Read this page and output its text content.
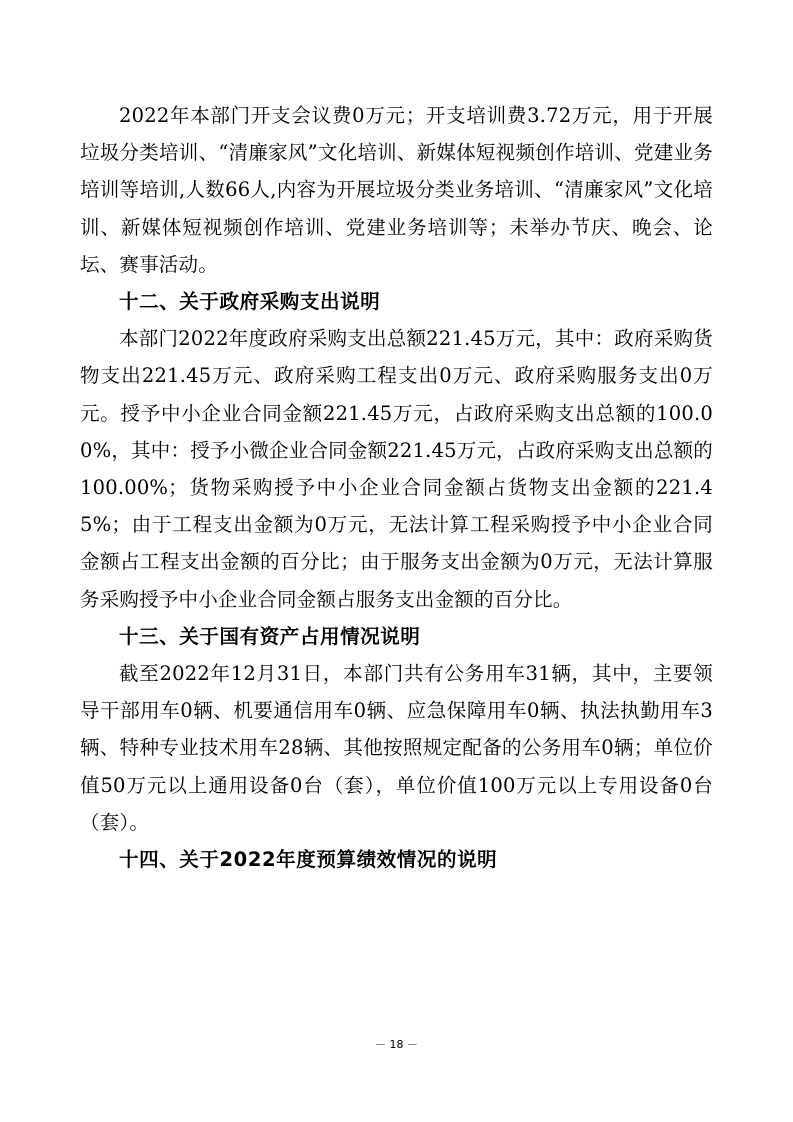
2022年本部门开支会议费0万元；开支培训费3.72万元，用于开展垃圾分类培训、“清廉家风”文化培训、新媒体短视频创作培训、党建业务培训等培训,人数66人,内容为开展垃圾分类业务培训、“清廉家风”文化培训、新媒体短视频创作培训、党建业务培训等；未举办节庆、晚会、论坛、赛事活动。

十二、关于政府采购支出说明

本部门2022年度政府采购支出总额221.45万元，其中：政府采购货物支出221.45万元、政府采购工程支出0万元、政府采购服务支出0万元。授予中小企业合同金额221.45万元，占政府采购支出总额的100.00%，其中：授予小微企业合同金额221.45万元，占政府采购支出总额的100.00%；货物采购授予中小企业合同金额占货物支出金额的221.45%；由于工程支出金额为0万元，无法计算工程采购授予中小企业合同金额占工程支出金额的百分比；由于服务支出金额为0万元，无法计算服务采购授予中小企业合同金额占服务支出金额的百分比。

十三、关于国有资产占用情况说明

截至2022年12月31日，本部门共有公务用车31辆，其中，主要领导干部用车0辆、机要通信用车0辆、应急保障用车0辆、执法执勤用车3辆、特种专业技术用车28辆、其他按照规定配备的公务用车0辆；单位价值50万元以上通用设备0台（套），单位价值100万元以上专用设备0台（套）。

十四、关于2022年度预算绩效情况的说明

－ 18 －
